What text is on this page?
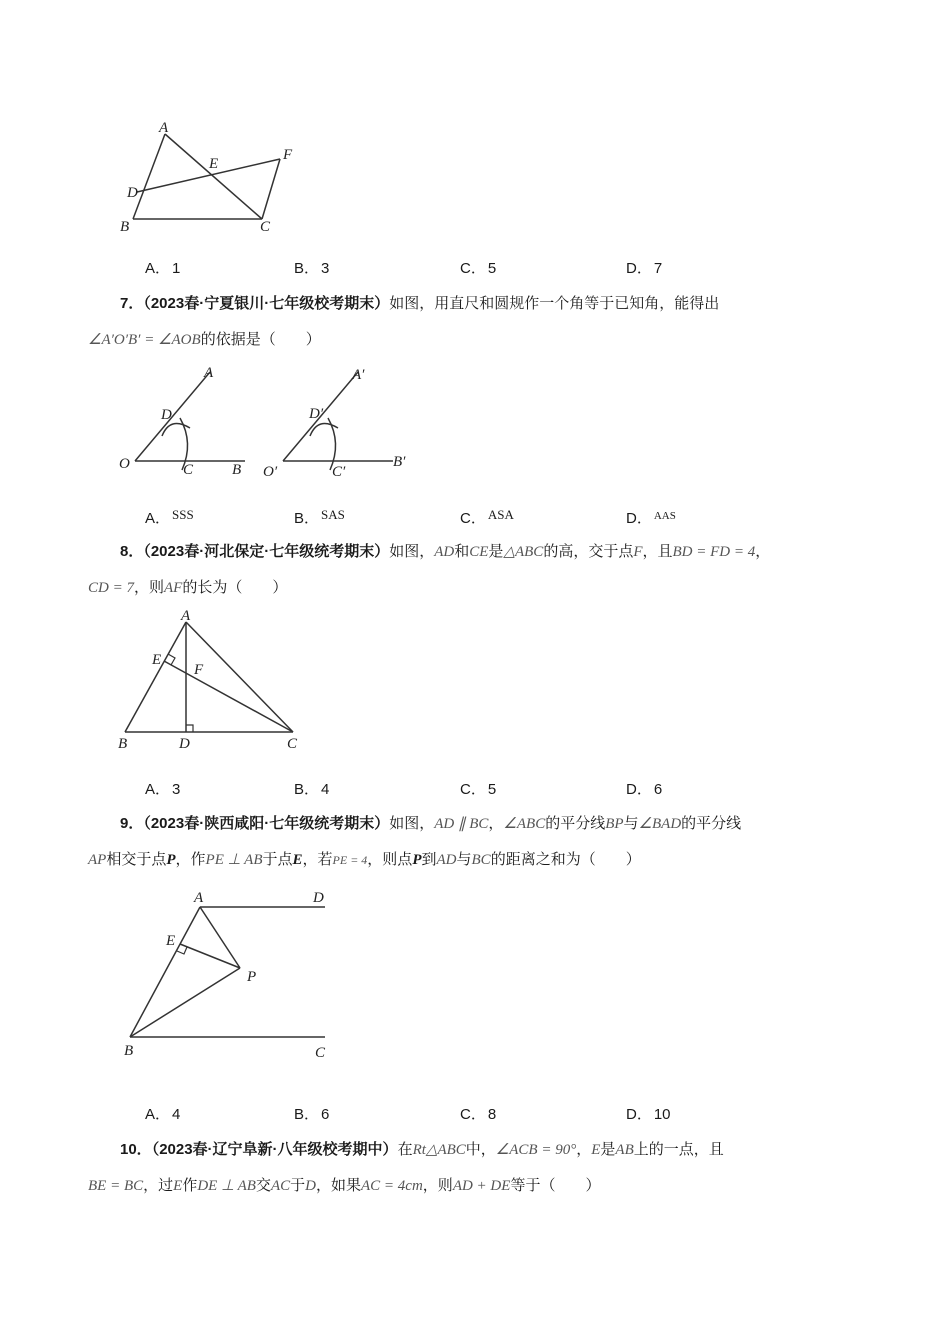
A
E
F
D
B	C
A． 1	B． 3	C． 5	D． 7
7．（2023春·宁夏银川·七年级校考期末）如图，用直尺和圆规作一个角等于已知角，能得出
∠A′O′B′ = ∠AOB的依据是（　　）
A
D
O	C	B
A′
D′
O′	C′
B′
A． SSS	B． SAS	C． ASA	D． $^{AAS}$
8．（2023春·河北保定·七年级统考期末）如图，AD和CE是△ABC的高，交于点F，且BD = FD = 4，
CD = 7，则AF的长为（　　）
A
E
F
B	D	C
A． 3	B． 4	C． 5	D． 6
9．（2023春·陕西咸阳·七年级统考期末）如图，AD ∥ BC，∠ABC的平分线BP与∠BAD的平分线
AP相交于点P，作PE ⊥ AB于点E，若PE = 4，则点P到AD与BC的距离之和为（　　）
A	D
E
P
B	C
A． 4	B． 6	C． 8	D． 10
10．（2023春·辽宁阜新·八年级校考期中）在Rt△ABC中，∠ACB = 90°，E是AB上的一点，且
BE = BC，过E作DE ⊥ AB交AC于D，如果AC = 4cm，则AD + DE等于（　　）
